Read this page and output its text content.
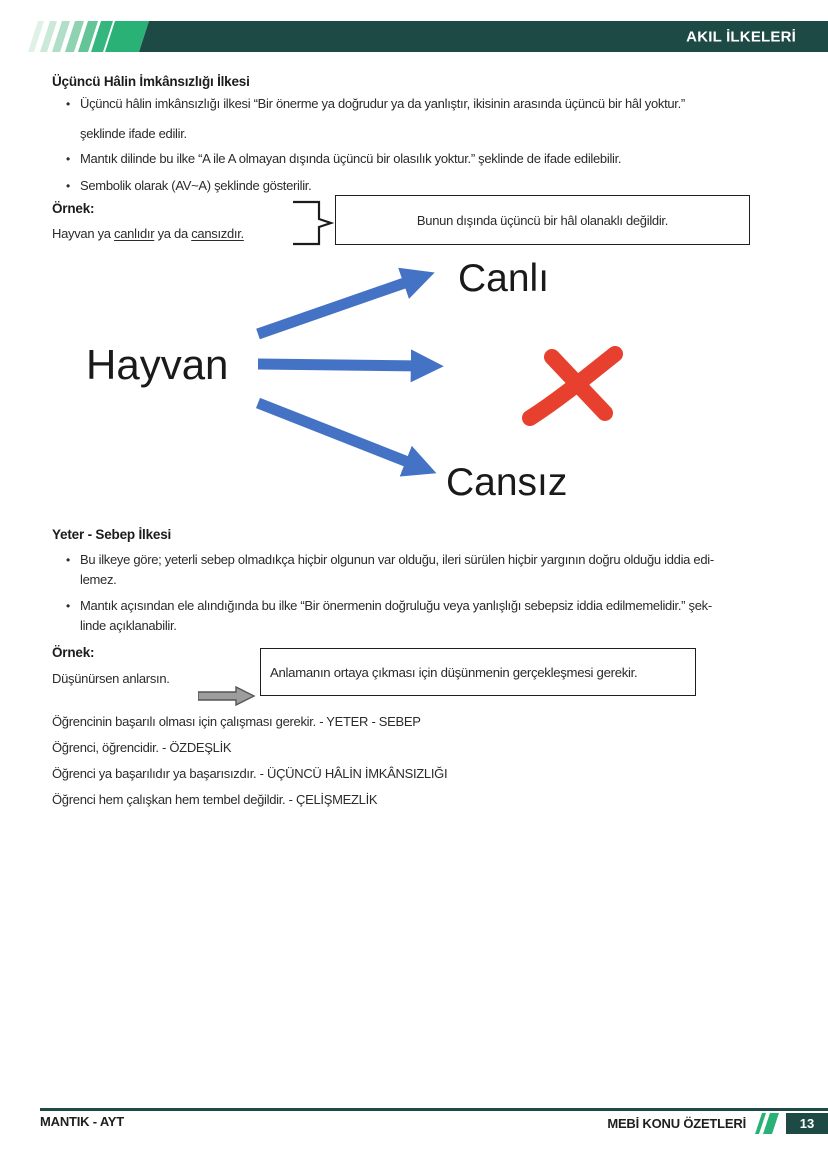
AKIL İLKELERİ
Üçüncü Hâlin İmkânsızlığı İlkesi
• Üçüncü hâlin imkânsızlığı ilkesi “Bir önerme ya doğrudur ya da yanlıştır, ikisinin arasında üçüncü bir hâl yoktur.”
şeklinde ifade edilir.
• Mantık dilinde bu ilke “A ile A olmayan dışında üçüncü bir olasılık yoktur.” şeklinde de ifade edilebilir.
• Sembolik olarak (AV~A) şeklinde gösterilir.
Örnek:
Hayvan ya canlıdır ya da cansızdır.
Bunun dışında üçüncü bir hâl olanaklı değildir.
Hayvan
Canlı
Cansız
Yeter - Sebep İlkesi
• Bu ilkeye göre; yeterli sebep olmadıkça hiçbir olgunun var olduğu, ileri sürülen hiçbir yargının doğru olduğu iddia edi-
lemez.
• Mantık açısından ele alındığında bu ilke “Bir önermenin doğruluğu veya yanlışlığı sebepsiz iddia edilmemelidir.” şek-
linde açıklanabilir.
Örnek:
Düşünürsen anlarsın.	Anlamanın ortaya çıkması için düşünmenin gerçekleşmesi gerekir.
Öğrencinin başarılı olması için çalışması gerekir. - YETER - SEBEP
Öğrenci, öğrencidir. - ÖZDEŞLİK
Öğrenci ya başarılıdır ya başarısızdır. - ÜÇÜNCÜ HÂLİN İMKÂNSIZLIĞI
Öğrenci hem çalışkan hem tembel değildir. - ÇELİŞMEZLİK
MANTIK - AYT	MEBİ KONU ÖZETLERİ	13
